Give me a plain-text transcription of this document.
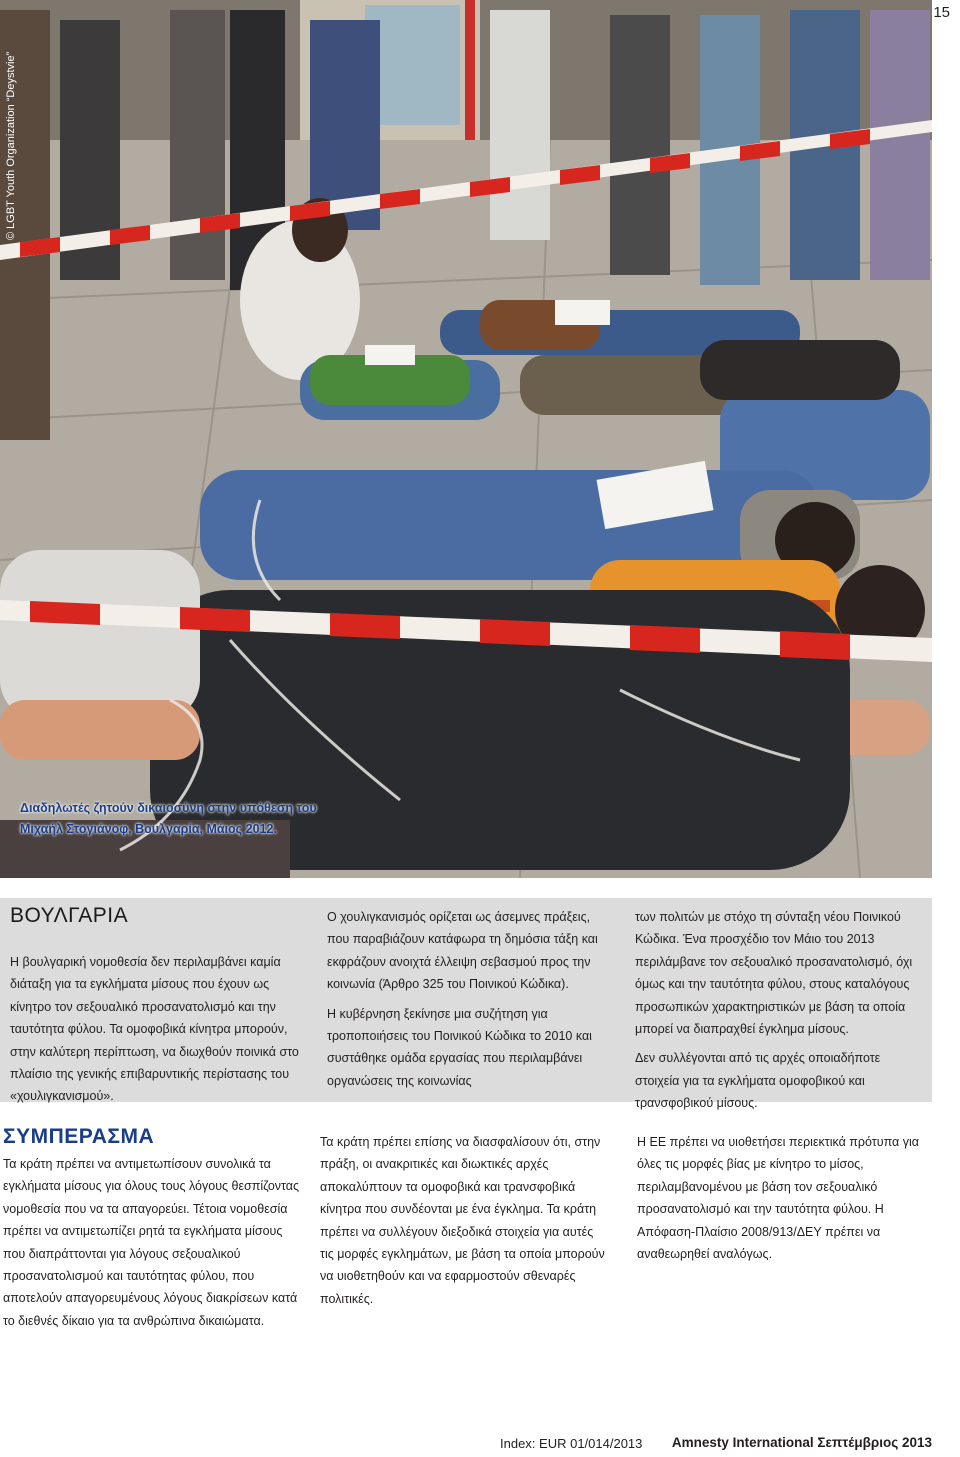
15
© LGBT Youth Organization “Deystvie”
Διαδηλωτές ζητούν δικαιοσύνη στην υπόθεση του Μιχαήλ Στογιάνοφ, Βουλγαρία, Μάιος 2012.
ΒΟΥΛΓΑΡΙΑ

Η βουλγαρική νομοθεσία δεν περιλαμβάνει καμία διάταξη για τα εγκλήματα μίσους που έχουν ως κίνητρο τον σεξουαλικό προσανατολισμό και την ταυτότητα φύλου. Τα ομοφοβικά κίνητρα μπορούν, στην καλύτερη περίπτωση, να διωχθούν ποινικά στο πλαίσιο της γενικής επιβαρυντικής περίστασης του «χουλιγκανισμού».

Ο χουλιγκανισμός ορίζεται ως άσεμνες πράξεις, που παραβιάζουν κατάφωρα τη δημόσια τάξη και εκφράζουν ανοιχτά έλλειψη σεβασμού προς την κοινωνία (Άρθρο 325 του Ποινικού Κώδικα).

Η κυβέρνηση ξεκίνησε μια συζήτηση για τροποποιήσεις του Ποινικού Κώδικα το 2010 και συστάθηκε ομάδα εργασίας που περιλαμβάνει οργανώσεις της κοινωνίας

των πολιτών με στόχο τη σύνταξη νέου Ποινικού Κώδικα. Ένα προσχέδιο τον Μάιο του 2013 περιλάμβανε τον σεξουαλικό προσανατολισμό, όχι όμως και την ταυτότητα φύλου, στους καταλόγους προσωπικών χαρακτηριστικών με βάση τα οποία μπορεί να διαπραχθεί έγκλημα μίσους.

Δεν συλλέγονται από τις αρχές οποιαδήποτε στοιχεία για τα εγκλήματα ομοφοβικού και τρανσφοβικού μίσους.

ΣΥΜΠΕΡΑΣΜΑ
Τα κράτη πρέπει να αντιμετωπίσουν συνολικά τα εγκλήματα μίσους για όλους τους λόγους θεσπίζοντας νομοθεσία που να τα απαγορεύει. Τέτοια νομοθεσία πρέπει να αντιμετωπίζει ρητά τα εγκλήματα μίσους που διαπράττονται για λόγους σεξουαλικού προσανατολισμού και ταυτότητας φύλου, που αποτελούν απαγορευμένους λόγους διακρίσεων κατά το διεθνές δίκαιο για τα ανθρώπινα δικαιώματα.
Τα κράτη πρέπει επίσης να διασφαλίσουν ότι, στην πράξη, οι ανακριτικές και διωκτικές αρχές αποκαλύπτουν τα ομοφοβικά και τρανσφοβικά κίνητρα που συνδέονται με ένα έγκλημα. Τα κράτη πρέπει να συλλέγουν διεξοδικά στοιχεία για αυτές τις μορφές εγκλημάτων, με βάση τα οποία μπορούν να υιοθετηθούν και να εφαρμοστούν σθεναρές πολιτικές.
Η ΕΕ πρέπει να υιοθετήσει περιεκτικά πρότυπα για όλες τις μορφές βίας με κίνητρο το μίσος, περιλαμβανομένου με βάση τον σεξουαλικό προσανατολισμό και την ταυτότητα φύλου. Η Απόφαση-Πλαίσιο 2008/913/ΔΕΥ πρέπει να αναθεωρηθεί αναλόγως.
Index: EUR 01/014/2013 Amnesty International Σεπτέμβριος 2013
